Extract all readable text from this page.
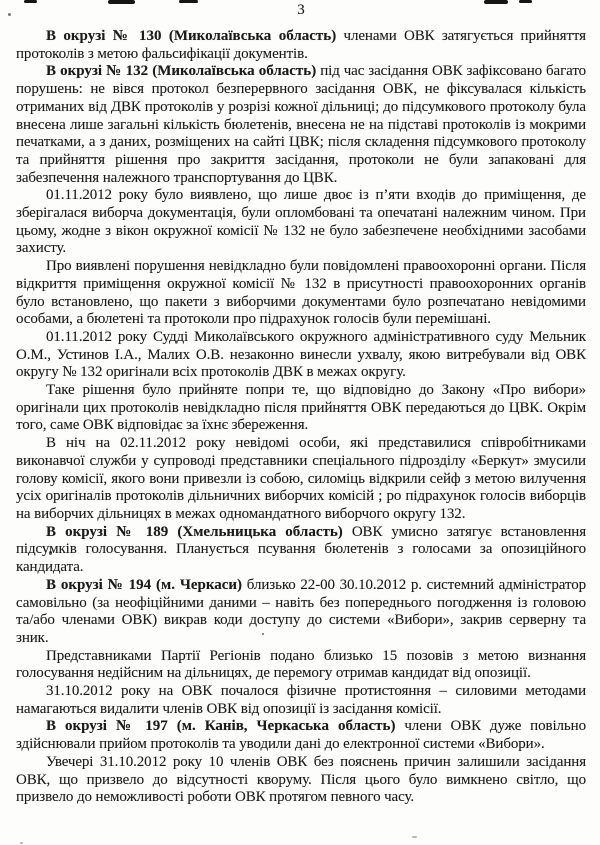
3

В окрузі № 130 (Миколаївська область) членами ОВК затягується прийняття протоколів з метою фальсифікації документів.

В окрузі № 132 (Миколаївська область) під час засідання ОВК зафіксовано багато порушень: не вівся протокол безперервного засідання ОВК, не фіксувалася кількість отриманих від ДВК протоколів у розрізі кожної дільниці; до підсумкового протоколу була внесена лише загальні кількість бюлетенів, внесена не на підставі протоколів із мокрими печатками, а з даних, розміщених на сайті ЦВК; після складення підсумкового протоколу та прийняття рішення про закриття засідання, протоколи не були запаковані для забезпечення належного транспортування до ЦВК.

01.11.2012 року було виявлено, що лише двоє із п’яти входів до приміщення, де зберігалася виборча документація, були опломбовані та опечатані належним чином. При цьому, жодне з вікон окружної комісії № 132 не було забезпечене необхідними засобами захисту.

Про виявлені порушення невідкладно були повідомлені правоохоронні органи. Після відкриття приміщення окружної комісії № 132 в присутності правоохоронних органів було встановлено, що пакети з виборчими документами було розпечатано невідомими особами, а бюлетені та протоколи про підрахунок голосів були перемішані.

01.11.2012 року Судді Миколаївського окружного адміністративного суду Мельник О.М., Устинов І.А., Малих О.В. незаконно винесли ухвалу, якою витребували від ОВК округу № 132 оригінали всіх протоколів ДВК в межах округу.

Таке рішення було прийняте попри те, що відповідно до Закону «Про вибори» оригінали цих протоколів невідкладно після прийняття ОВК передаються до ЦВК. Окрім того, саме ОВК відповідає за їхнє збереження.

В ніч на 02.11.2012 року невідомі особи, які представилися співробітниками виконавчої служби у супроводі представники спеціального підрозділу «Беркут» змусили голову комісії, якого вони привезли із собою, силоміць відкрили сейф з метою вилучення усіх оригіналів протоколів дільничних виборчих комісій ; ро підрахунок голосів виборців на виборчих дільницях в межах одномандатного виборчого округу 132.

В окрузі № 189 (Хмельницька область) ОВК умисно затягує встановлення підсумків голосування. Планується псування бюлетенів з голосами за опозиційного кандидата.

В окрузі № 194 (м. Черкаси) близько 22-00 30.10.2012 р. системний адміністратор самовільно (за неофіційними даними – навіть без попереднього погодження із головою та/або членами ОВК) викрав коди доступу до системи «Вибори», закрив серверну та зник.

Представниками Партії Регіонів подано близько 15 позовів з метою визнання голосування недійсним на дільницях, де перемогу отримав кандидат від опозиції.

31.10.2012 року на ОВК почалося фізичне протистояння – силовими методами намагаються видалити членів ОВК від опозиції із засідання комісії.

В окрузі № 197 (м. Канів, Черкаська область) члени ОВК дуже повільно здійснювали прийом протоколів та уводили дані до електронної системи «Вибори».

Увечері 31.10.2012 року 10 членів ОВК без пояснень причин залишили засідання ОВК, що призвело до відсутності кворуму. Після цього було вимкнено світло, що призвело до неможливості роботи ОВК протягом певного часу.
